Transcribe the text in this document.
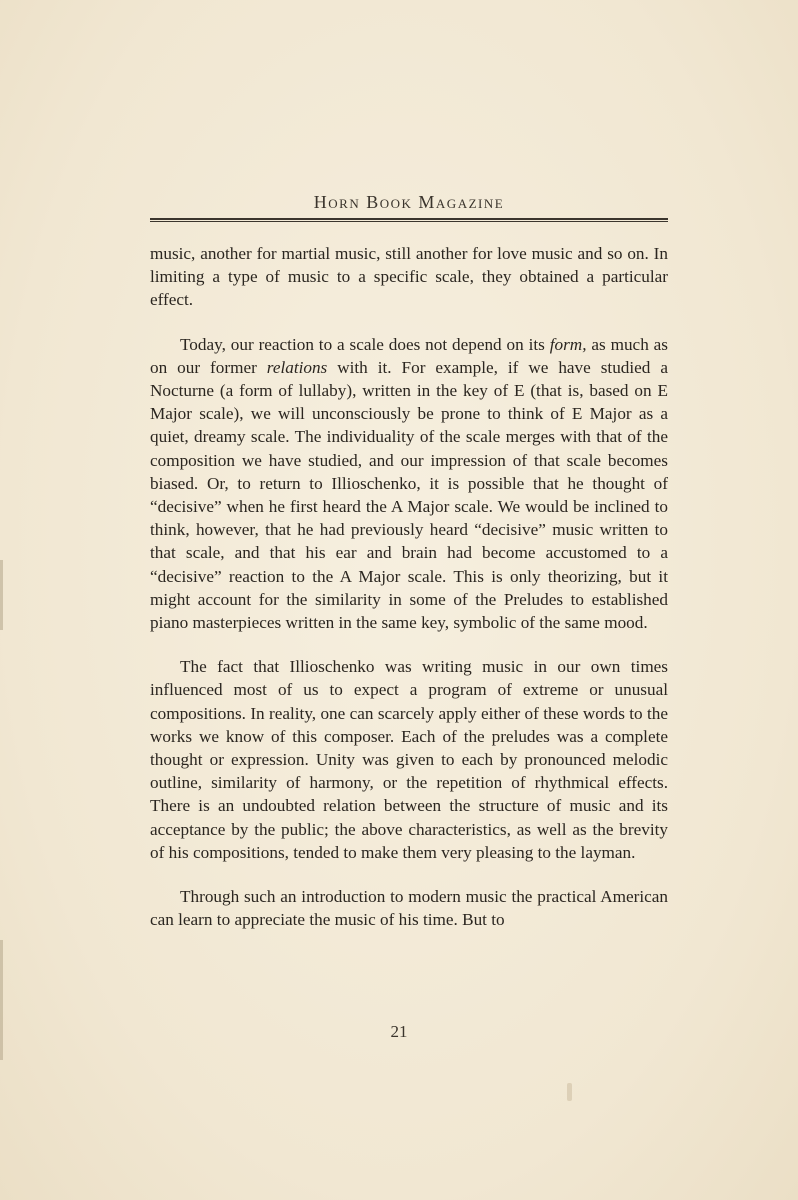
Horn Book Magazine

music, another for martial music, still another for love music and so on. In limiting a type of music to a specific scale, they obtained a particular effect.

Today, our reaction to a scale does not depend on its form, as much as on our former relations with it. For example, if we have studied a Nocturne (a form of lullaby), written in the key of E (that is, based on E Major scale), we will unconsciously be prone to think of E Major as a quiet, dreamy scale. The individuality of the scale merges with that of the composition we have studied, and our impression of that scale becomes biased. Or, to return to Illioschenko, it is possible that he thought of “decisive” when he first heard the A Major scale. We would be inclined to think, however, that he had previously heard “decisive” music written to that scale, and that his ear and brain had become accustomed to a “decisive” reaction to the A Major scale. This is only theorizing, but it might account for the similarity in some of the Preludes to established piano masterpieces written in the same key, symbolic of the same mood.

The fact that Illioschenko was writing music in our own times influenced most of us to expect a program of extreme or unusual compositions. In reality, one can scarcely apply either of these words to the works we know of this composer. Each of the preludes was a complete thought or expression. Unity was given to each by pronounced melodic outline, similarity of harmony, or the repetition of rhythmical effects. There is an undoubted relation between the structure of music and its acceptance by the public; the above characteristics, as well as the brevity of his compositions, tended to make them very pleasing to the layman.

Through such an introduction to modern music the practical American can learn to appreciate the music of his time. But to

21
